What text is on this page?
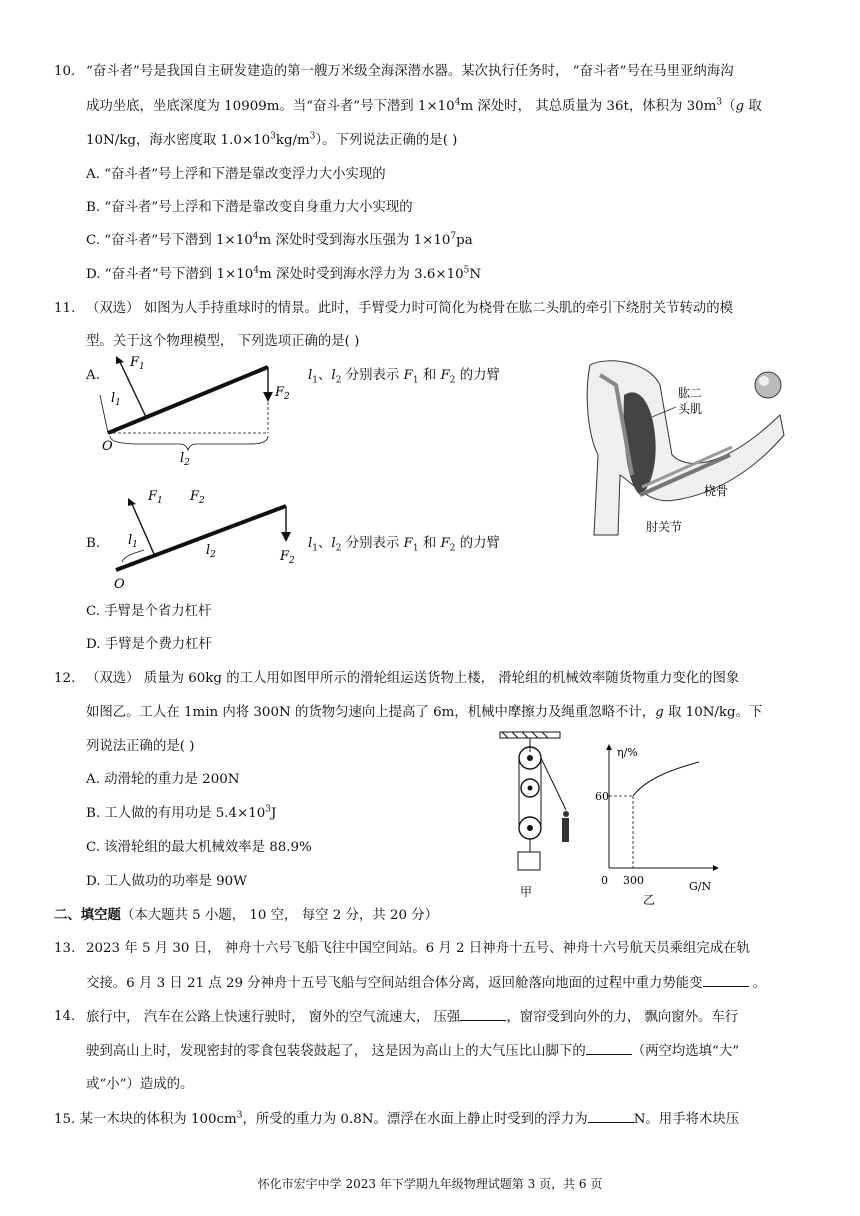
10. “奋斗者”号是我国自主研发建造的第一艘万米级全海深潜水器。某次执行任务时， “奋斗者”号在马里亚纳海沟
成功坐底，坐底深度为 10909m。当“奋斗者”号下潜到 $1\times 10^4m$ 深处时， 其总质量为 36t，体积为 $30m^3(g$ 取
10N/kg，海水密度取 $1.0\times 10^3kg/m^3$）。下列说法正确的是( )
A. “奋斗者”号上浮和下潜是靠改变浮力大小实现的
B. “奋斗者”号上浮和下潜是靠改变自身重力大小实现的
C. “奋斗者”号下潜到 $1\times 10^4m$ 深处时受到海水压强为 $1\times 10^7pa$
D. “奋斗者”号下潜到 $1\times 10^4m$ 深处时受到海水浮力为 $3.6\times 10^5N$
11. （双选） 如图为人手持重球时的情景。此时，手臂受力时可简化为桡骨在肱二头肌的牵引下绕肘关节转动的模
型。关于这个物理模型， 下列选项正确的是( )
A.	$l_1$、$l_2$ 分别表示 $F_1$ 和 $F_2$ 的力臂
$F_1$
$F_2$
$l_1$
$l_2$
O
B.	$l_1$、$l_2$ 分别表示 $F_1$ 和 $F_2$ 的力臂
$F_1$ $F_2$
$F_2$
$l_1$	$l_2$
O
肱二
头肌
桡骨
肘关节
C. 手臂是个省力杠杆
D. 手臂是个费力杠杆
12. （双选） 质量为 60kg 的工人用如图甲所示的滑轮组运送货物上楼， 滑轮组的机械效率随货物重力变化的图象
如图乙。工人在 1min 内将 300N 的货物匀速向上提高了 6m，机械中摩擦力及绳重忽略不计，g 取 10N/kg。下
列说法正确的是( )
A. 动滑轮的重力是 200N
B. 工人做的有用功是 $5.4\times 10^3J$
C. 该滑轮组的最大机械效率是 88.9%
D. 工人做功的功率是 90W
甲
η/%
G/N
60
0 300
乙
二、填空题（本大题共 5 小题， 10 空， 每空 2 分，共 20 分）
13. 2023 年 5 月 30 日， 神舟十六号飞船飞往中国空间站。6 月 2 日神舟十五号、神舟十六号航天员乘组完成在轨
交接。6 月 3 日 21 点 29 分神舟十五号飞船与空间站组合体分离，返回舱落向地面的过程中重力势能变	。
14. 旅行中， 汽车在公路上快速行驶时， 窗外的空气流速大， 压强	，窗帘受到向外的力， 飘向窗外。车行
驶到高山上时，发现密封的零食包装袋鼓起了， 这是因为高山上的大气压比山脚下的	（两空均选填“大”
或“小”）造成的。
15. 某一木块的体积为 $100cm^3$，所受的重力为 0.8N。漂浮在水面上静止时受到的浮力为	N。用手将木块压
怀化市宏宇中学 2023 年下学期九年级物理试题第 3 页，共 6 页
